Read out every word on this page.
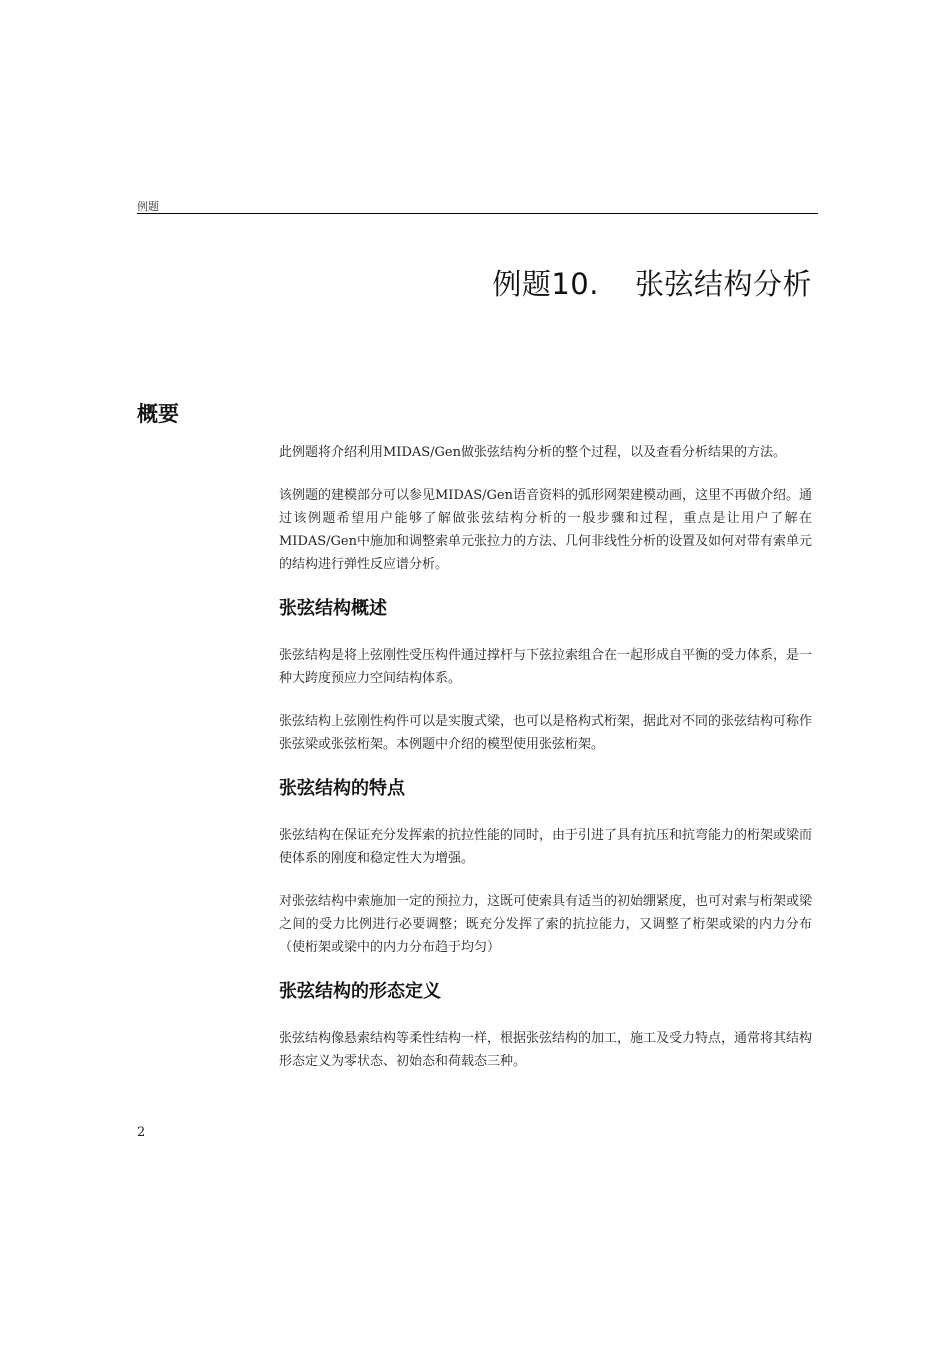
例题
例题10. 张弦结构分析
概要

此例题将介绍利用MIDAS/Gen做张弦结构分析的整个过程，以及查看分析结果的方法。

该例题的建模部分可以参见MIDAS/Gen语音资料的弧形网架建模动画，这里不再做介绍。通过该例题希望用户能够了解做张弦结构分析的一般步骤和过程，重点是让用户了解在MIDAS/Gen中施加和调整索单元张拉力的方法、几何非线性分析的设置及如何对带有索单元的结构进行弹性反应谱分析。

张弦结构概述

张弦结构是将上弦刚性受压构件通过撑杆与下弦拉索组合在一起形成自平衡的受力体系，是一种大跨度预应力空间结构体系。

张弦结构上弦刚性构件可以是实腹式梁，也可以是格构式桁架，据此对不同的张弦结构可称作张弦梁或张弦桁架。本例题中介绍的模型使用张弦桁架。

张弦结构的特点

张弦结构在保证充分发挥索的抗拉性能的同时，由于引进了具有抗压和抗弯能力的桁架或梁而使体系的刚度和稳定性大为增强。

对张弦结构中索施加一定的预拉力，这既可使索具有适当的初始绷紧度，也可对索与桁架或梁之间的受力比例进行必要调整；既充分发挥了索的抗拉能力，又调整了桁架或梁的内力分布（使桁架或梁中的内力分布趋于均匀）

张弦结构的形态定义

张弦结构像悬索结构等柔性结构一样，根据张弦结构的加工，施工及受力特点，通常将其结构形态定义为零状态、初始态和荷载态三种。

2
